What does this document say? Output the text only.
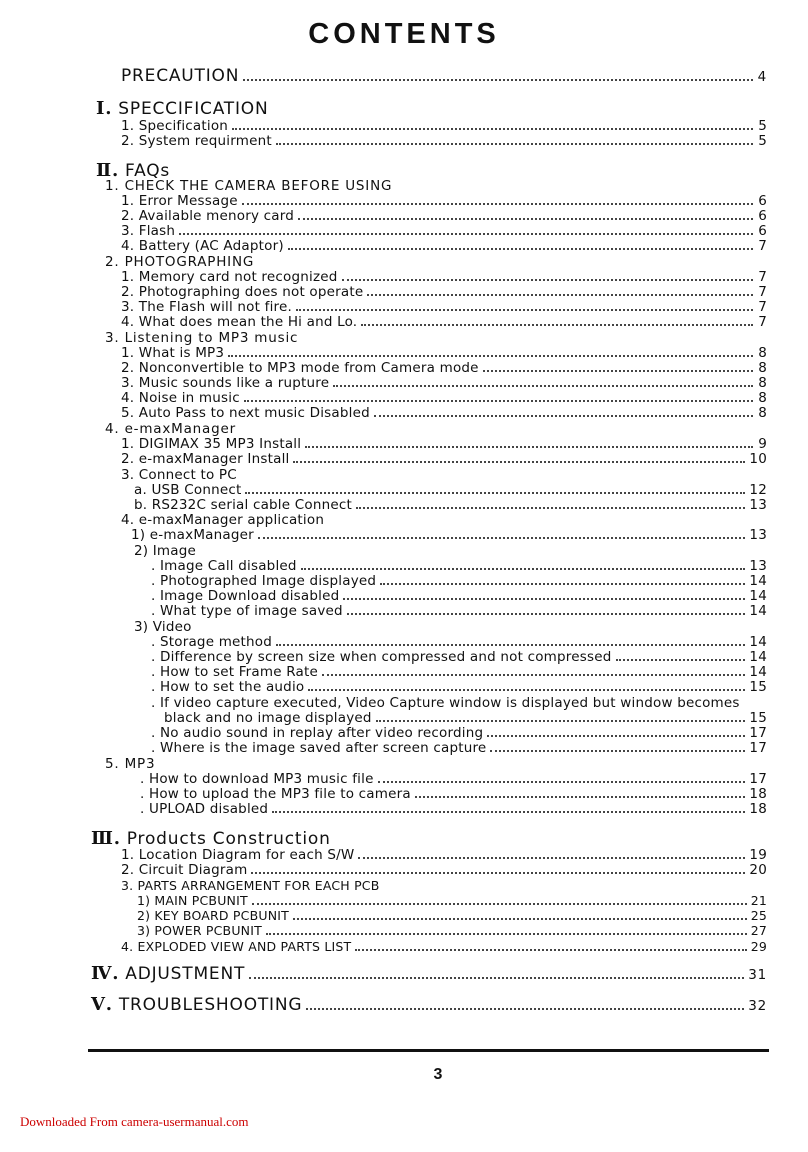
CONTENTS
PRECAUTION	4
Ⅰ. SPECCIFICATION
1. Specification	5
2. System requirment	5
Ⅱ. FAQs
1. CHECK THE CAMERA BEFORE USING
1. Error Message	6
2. Available menory card	6
3. Flash	6
4. Battery (AC Adaptor)	7
2. PHOTOGRAPHING
1. Memory card not recognized	7
2. Photographing does not operate	7
3. The Flash will not fire.	7
4. What does mean the Hi and Lo.	7
3. Listening to MP3 music
1. What is MP3	8
2. Nonconvertible to MP3 mode from Camera mode	8
3. Music sounds like a rupture	8
4. Noise in music	8
5. Auto Pass to next music Disabled	8
4. e-maxManager
1. DIGIMAX 35 MP3 Install	9
2. e-maxManager Install	10
3. Connect to PC
a. USB Connect	12
b. RS232C serial cable Connect	13
4. e-maxManager application
1) e-maxManager	13
2) Image
. Image Call disabled	13
. Photographed Image displayed	14
. Image Download disabled	14
. What type of image saved	14
3) Video
. Storage method	14
. Difference by screen size when compressed and not compressed	14
. How to set Frame Rate	14
. How to set the audio	15
. If video capture executed, Video Capture window is displayed but window becomes
black and no image displayed	15
. No audio sound in replay after video recording	17
. Where is the image saved after screen capture	17
5. MP3
. How to download MP3 music file	17
. How to upload the MP3 file to camera	18
. UPLOAD disabled	18
Ⅲ. Products Construction
1. Location Diagram for each S/W	19
2. Circuit Diagram	20
3. PARTS ARRANGEMENT FOR EACH PCB
1) MAIN PCBUNIT	21
2) KEY BOARD PCBUNIT	25
3) POWER PCBUNIT	27
4. EXPLODED VIEW AND PARTS LIST	29
Ⅳ. ADJUSTMENT	31
Ⅴ. TROUBLESHOOTING	32
3
Downloaded From camera-usermanual.com
